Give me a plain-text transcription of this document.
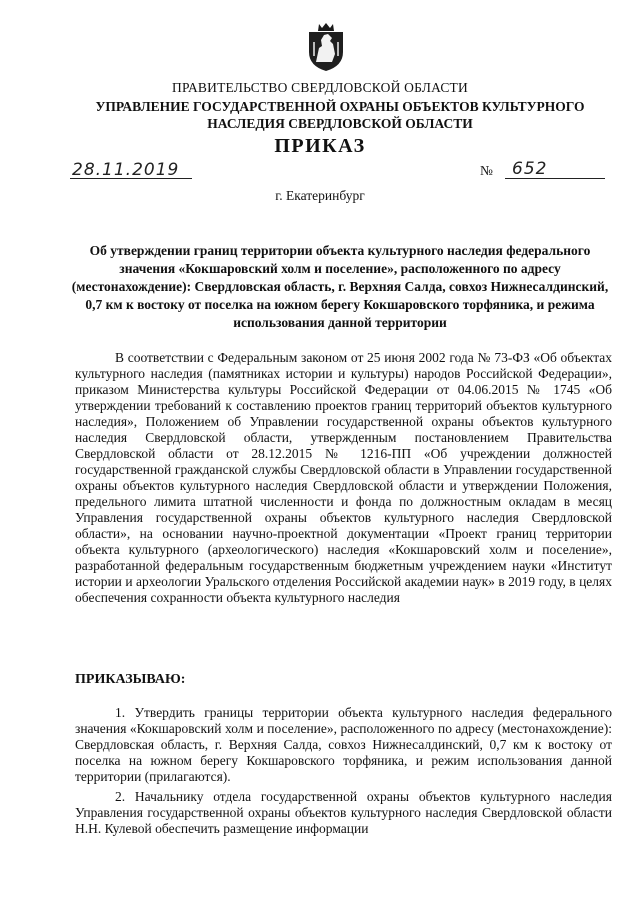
ПРАВИТЕЛЬСТВО СВЕРДЛОВСКОЙ ОБЛАСТИ
УПРАВЛЕНИЕ ГОСУДАРСТВЕННОЙ ОХРАНЫ ОБЪЕКТОВ КУЛЬТУРНОГО НАСЛЕДИЯ СВЕРДЛОВСКОЙ ОБЛАСТИ
ПРИКАЗ
28.11.2019	№ 652
г. Екатеринбург
Об утверждении границ территории объекта культурного наследия федерального значения «Кокшаровский холм и поселение», расположенного по адресу (местонахождение): Свердловская область, г. Верхняя Салда, совхоз Нижнесалдинский, 0,7 км к востоку от поселка на южном берегу Кокшаровского торфяника, и режима использования данной территории

В соответствии с Федеральным законом от 25 июня 2002 года № 73-ФЗ «Об объектах культурного наследия (памятниках истории и культуры) народов Российской Федерации», приказом Министерства культуры Российской Федерации от 04.06.2015 № 1745 «Об утверждении требований к составлению проектов границ территорий объектов культурного наследия», Положением об Управлении государственной охраны объектов культурного наследия Свердловской области, утвержденным постановлением Правительства Свердловской области от 28.12.2015 № 1216-ПП «Об учреждении должностей государственной гражданской службы Свердловской области в Управлении государственной охраны объектов культурного наследия Свердловской области и утверждении Положения, предельного лимита штатной численности и фонда по должностным окладам в месяц Управления государственной охраны объектов культурного наследия Свердловской области», на основании научно-проектной документации «Проект границ территории объекта культурного (археологического) наследия «Кокшаровский холм и поселение», разработанной федеральным государственным бюджетным учреждением науки «Институт истории и археологии Уральского отделения Российской академии наук» в 2019 году, в целях обеспечения сохранности объекта культурного наследия

ПРИКАЗЫВАЮ:

1. Утвердить границы территории объекта культурного наследия федерального значения «Кокшаровский холм и поселение», расположенного по адресу (местонахождение): Свердловская область, г. Верхняя Салда, совхоз Нижнесалдинский, 0,7 км к востоку от поселка на южном берегу Кокшаровского торфяника, и режим использования данной территории (прилагаются).

2. Начальнику отдела государственной охраны объектов культурного наследия Управления государственной охраны объектов культурного наследия Свердловской области Н.Н. Кулевой обеспечить размещение информации
